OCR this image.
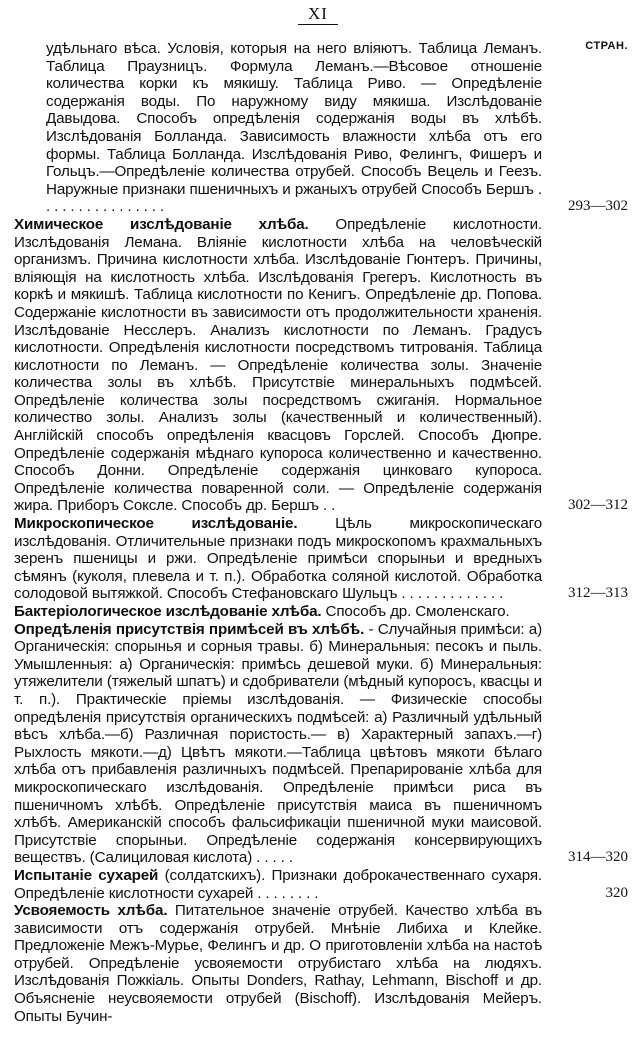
XI
СТРАН.

удѣльнаго вѣса. Условія, которыя на него вліяютъ. Таблица Леманъ. Таблица Праузницъ. Формула Леманъ.—Вѣсовое отношеніе количества корки къ мякишу. Таблица Риво. — Опредѣленіе содержанія воды. По наружному виду мякиша. Изслѣдованіе Давыдова. Способъ опредѣленія содержанія воды въ хлѣбѣ. Изслѣдованія Болланда. Зависимость влажности хлѣба отъ его формы. Таблица Болланда. Изслѣдованія Риво, Фелингъ, Фишеръ и Гольцъ.—Опредѣленіе количества отрубей. Способъ Вецель и Геезъ. Наружные признаки пшеничныхъ и ржаныхъ отрубей Способъ Бершъ . . . . . . . . . . . . . . . .	293—302

Химическое изслѣдованіе хлѣба. Опредѣленіе кислотности. Изслѣдованія Лемана. Вліяніе кислотности хлѣба на человѣческій организмъ. Причина кислотности хлѣба. Изслѣдованіе Гюнтеръ. Причины, вліяющія на кислотность хлѣба. Изслѣдованія Грегеръ. Кислотность въ коркѣ и мякишѣ. Таблица кислотности по Кенигъ. Опредѣленіе др. Попова. Содержаніе кислотности въ зависимости отъ продолжительности храненія. Изслѣдованіе Несслеръ. Анализъ кислотности по Леманъ. Градусъ кислотности. Опредѣленія кислотности посредствомъ титрованія. Таблица кислотности по Леманъ. — Опредѣленіе количества золы. Значеніе количества золы въ хлѣбѣ. Присутствіе минеральныхъ подмѣсей. Опредѣленіе количества золы посредствомъ сжиганія. Нормальное количество золы. Анализъ золы (качественный и количественный). Англійскій способъ опредѣленія квасцовъ Горслей. Способъ Дюпре. Опредѣленіе содержанія мѣднаго купороса количественно и качественно. Способъ Донни. Опредѣленіе содержанія цинковаго купороса. Опредѣленіе количества поваренной соли. — Опредѣленіе содержанія жира. Приборъ Сокслe. Способъ др. Бершъ . .	302—312

Микроскопическое изслѣдованіе. Цѣль микроскопическаго изслѣдованія. Отличительные признаки подъ микроскопомъ крахмальныхъ зеренъ пшеницы и ржи. Опредѣленіе примѣси спорыньи и вредныхъ сѣмянъ (куколя, плевела и т. п.). Обработка соляной кислотой. Обработка солодовой вытяжкой. Способъ Стефановскаго Шульцъ . . . . . . . . . . . . .	312—313

Бактеріологическое изслѣдованіе хлѣба. Способъ др. Смоленскаго.

Опредѣленія присутствія примѣсей въ хлѣбѣ. - Случайныя примѣси: а) Органическія: спорынья и сорныя травы. б) Минеральныя: песокъ и пыль. Умышленныя: а) Органическія: примѣсь дешевой муки. б) Минеральныя: утяжелители (тяжелый шпатъ) и сдобриватели (мѣдный купоросъ, квасцы и т. п.). Практическіе пріемы изслѣдованія. — Физическіе способы опредѣленія присутствія органическихъ подмѣсей: а) Различный удѣльный вѣсъ хлѣба.—б) Различная пористость.— в) Характерный запахъ.—г) Рыхлость мякоти.—д) Цвѣтъ мякоти.—Таблица цвѣтовъ мякоти бѣлаго хлѣба отъ прибавленія различныхъ подмѣсей. Препарированіе хлѣба для микроскопическаго изслѣдованія. Опредѣленіе примѣси риса въ пшеничномъ хлѣбѣ. Опредѣленіе присутствія маиса въ пшеничномъ хлѣбѣ. Американскій способъ фальсификаціи пшеничной муки маисовой. Присутствіе спорыньи. Опредѣленіе содержанія консервирующихъ веществъ. (Салициловая кислота) . . . . .	314—320

Испытаніе сухарей (солдатскихъ). Признаки доброкачественнаго сухаря. Опредѣленіе кислотности сухарей . . . . . . . .	320

Усвояемость хлѣба. Питательное значеніе отрубей. Качество хлѣба въ зависимости отъ содержанія отрубей. Мнѣніе Либиха и Клейке. Предложеніе Межъ-Мурье, Фелингъ и др. О приготовленіи хлѣба на настоѣ отрубей. Опредѣленіе усвояемости отрубистаго хлѣба на людяхъ. Изслѣдованія Пожкіаль. Опыты Donders, Rathay, Lehmann, Bischoff и др. Объясненіе неусвояемости отрубей (Bischoff). Изслѣдованія Мейеръ. Опыты Бучин-
